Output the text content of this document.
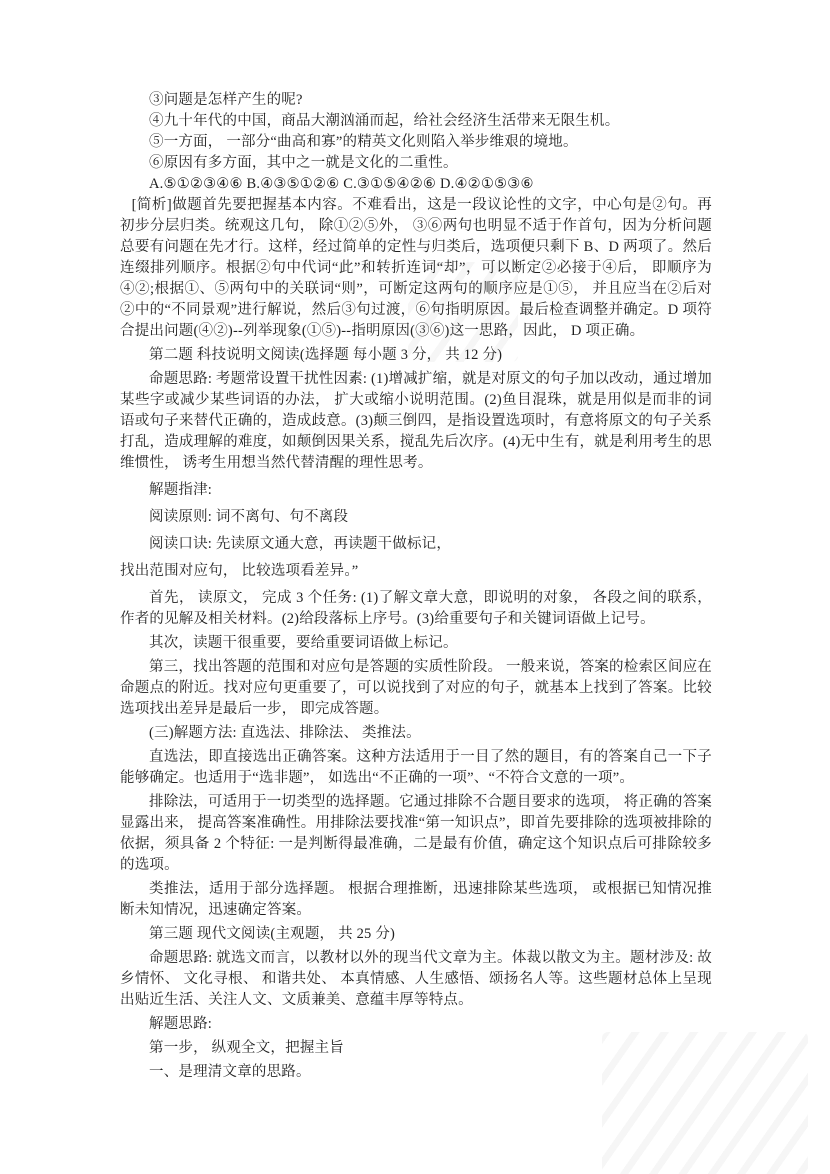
③问题是怎样产生的呢?

④九十年代的中国，商品大潮汹涌而起，给社会经济生活带来无限生机。

⑤一方面， 一部分“曲高和寡”的精英文化则陷入举步维艰的境地。

⑥原因有多方面，其中之一就是文化的二重性。

A.⑤①②③④⑥ B.④③⑤①②⑥ C.③①⑤④②⑥ D.④②①⑤③⑥

[简析]做题首先要把握基本内容。不难看出，这是一段议论性的文字，中心句是②句。再初步分层归类。统观这几句， 除①②⑤外， ③⑥两句也明显不适于作首句，因为分析问题总要有问题在先才行。这样，经过简单的定性与归类后，选项便只剩下 B、D 两项了。然后连缀排列顺序。根据②句中代词“此”和转折连词“却”，可以断定②必接于④后， 即顺序为④②;根据①、⑤两句中的关联词“则”，可断定这两句的顺序应是①⑤， 并且应当在②后对②中的“不同景观”进行解说，然后③句过渡，⑥句指明原因。最后检查调整并确定。D 项符合提出问题(④②)--列举现象(①⑤)--指明原因(③⑥)这一思路，因此， D 项正确。

第二题 科技说明文阅读(选择题 每小题 3 分， 共 12 分)

命题思路: 考题常设置干扰性因素: (1)增减扩缩，就是对原文的句子加以改动，通过增加某些字或减少某些词语的办法， 扩大或缩小说明范围。(2)鱼目混珠，就是用似是而非的词语或句子来替代正确的，造成歧意。(3)颠三倒四，是指设置选项时，有意将原文的句子关系打乱，造成理解的难度，如颠倒因果关系，搅乱先后次序。(4)无中生有，就是利用考生的思维惯性， 诱考生用想当然代替清醒的理性思考。

解题指津:

阅读原则: 词不离句、句不离段

阅读口诀: 先读原文通大意，再读题干做标记，

找出范围对应句， 比较选项看差异。”

首先， 读原文， 完成 3 个任务: (1)了解文章大意，即说明的对象， 各段之间的联系，作者的见解及相关材料。(2)给段落标上序号。(3)给重要句子和关键词语做上记号。

其次，读题干很重要，要给重要词语做上标记。

第三，找出答题的范围和对应句是答题的实质性阶段。 一般来说，答案的检索区间应在命题点的附近。找对应句更重要了，可以说找到了对应的句子，就基本上找到了答案。比较选项找出差异是最后一步， 即完成答题。

(三)解题方法: 直选法、排除法、 类推法。

直选法，即直接选出正确答案。这种方法适用于一目了然的题目，有的答案自己一下子能够确定。也适用于“选非题”， 如选出“不正确的一项”、“不符合文意的一项”。

排除法，可适用于一切类型的选择题。它通过排除不合题目要求的选项， 将正确的答案显露出来， 提高答案准确性。用排除法要找准“第一知识点”，即首先要排除的选项被排除的依据，须具备 2 个特征: 一是判断得最准确，二是最有价值，确定这个知识点后可排除较多的选项。

类推法，适用于部分选择题。 根据合理推断，迅速排除某些选项， 或根据已知情况推断未知情况，迅速确定答案。

第三题 现代文阅读(主观题， 共 25 分)

命题思路: 就选文而言，以教材以外的现当代文章为主。体裁以散文为主。题材涉及: 故乡情怀、 文化寻根、 和谐共处、 本真情感、人生感悟、颂扬名人等。这些题材总体上呈现出贴近生活、关注人文、文质兼美、意蕴丰厚等特点。

解题思路:

第一步， 纵观全文，把握主旨

一、是理清文章的思路。
